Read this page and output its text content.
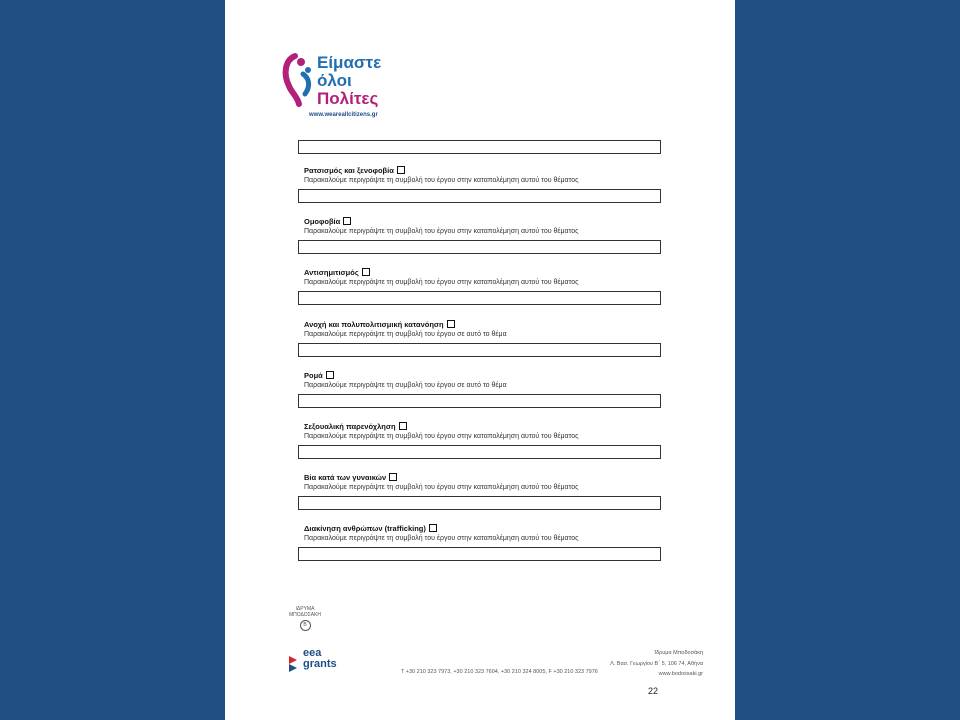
Είμαστε
όλοι
Πολίτες
www.weareallcitizens.gr
Ρατσισμός και ξενοφοβία
Παρακαλούμε περιγράψτε τη συμβολή του έργου στην καταπολέμηση αυτού του θέματος
Ομοφοβία
Παρακαλούμε περιγράψτε τη συμβολή του έργου στην καταπολέμηση αυτού του θέματος
Αντισημιτισμός
Παρακαλούμε περιγράψτε τη συμβολή του έργου στην καταπολέμηση αυτού του θέματος
Ανοχή και πολυπολιτισμική κατανόηση
Παρακαλούμε περιγράψτε τη συμβολή του έργου σε αυτό το θέμα
Ρομά
Παρακαλούμε περιγράψτε τη συμβολή του έργου σε αυτό το θέμα
Σεξουαλική παρενόχληση
Παρακαλούμε περιγράψτε τη συμβολή του έργου στην καταπολέμηση αυτού του θέματος
Βία κατά των γυναικών
Παρακαλούμε περιγράψτε τη συμβολή του έργου στην καταπολέμηση αυτού του θέματος
Διακίνηση ανθρώπων (trafficking)
Παρακαλούμε περιγράψτε τη συμβολή του έργου στην καταπολέμηση αυτού του θέματος
ΙΔΡΥΜΑ
ΜΠΟΔΟΣΑΚΗ
B
eea
grants
Ίδρυμα Μποδοσάκη
Λ. Βασ. Γεωργίου Β΄ 5, 106 74, Αθήνα
T +30 210 323 7973, +30 210 323 7604, +30 210 324 8005, F +30 210 323 7976	www.bodossaki.gr
22
